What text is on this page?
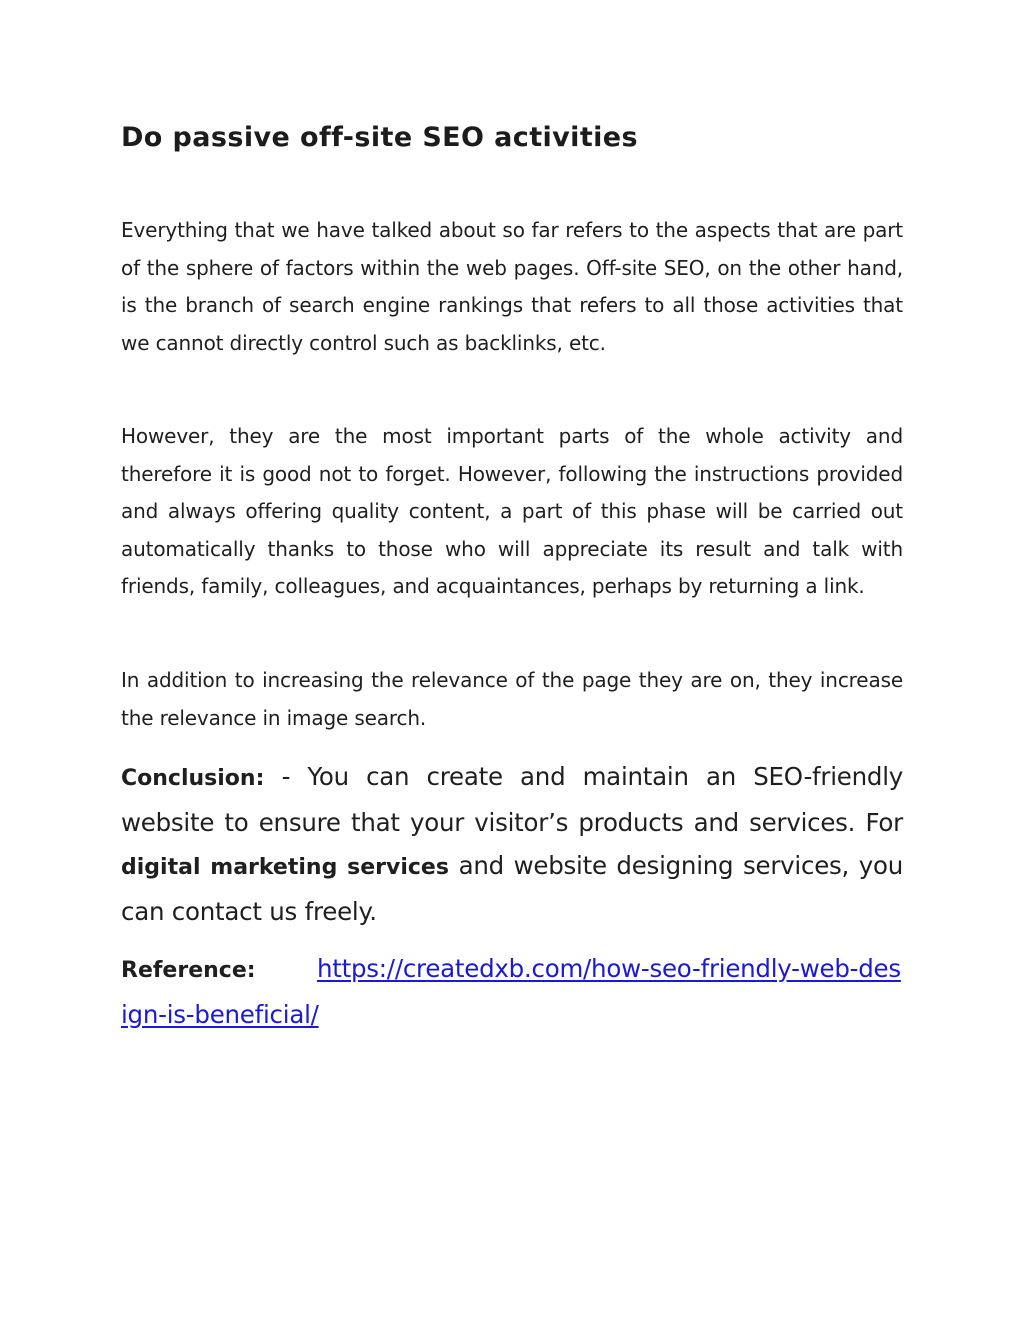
Do passive off-site SEO activities

Everything that we have talked about so far refers to the aspects that are part of the sphere of factors within the web pages. Off-site SEO, on the other hand, is the branch of search engine rankings that refers to all those activities that we cannot directly control such as backlinks, etc.

However, they are the most important parts of the whole activity and therefore it is good not to forget. However, following the instructions provided and always offering quality content, a part of this phase will be carried out automatically thanks to those who will appreciate its result and talk with friends, family, colleagues, and acquaintances, perhaps by returning a link.

In addition to increasing the relevance of the page they are on, they increase the relevance in image search.

Conclusion: - You can create and maintain an SEO-friendly website to ensure that your visitor’s products and services. For digital marketing services and website designing services, you can contact us freely.

Reference:	https://createdxb.com/how-seo-friendly-web-design-is-beneficial/
